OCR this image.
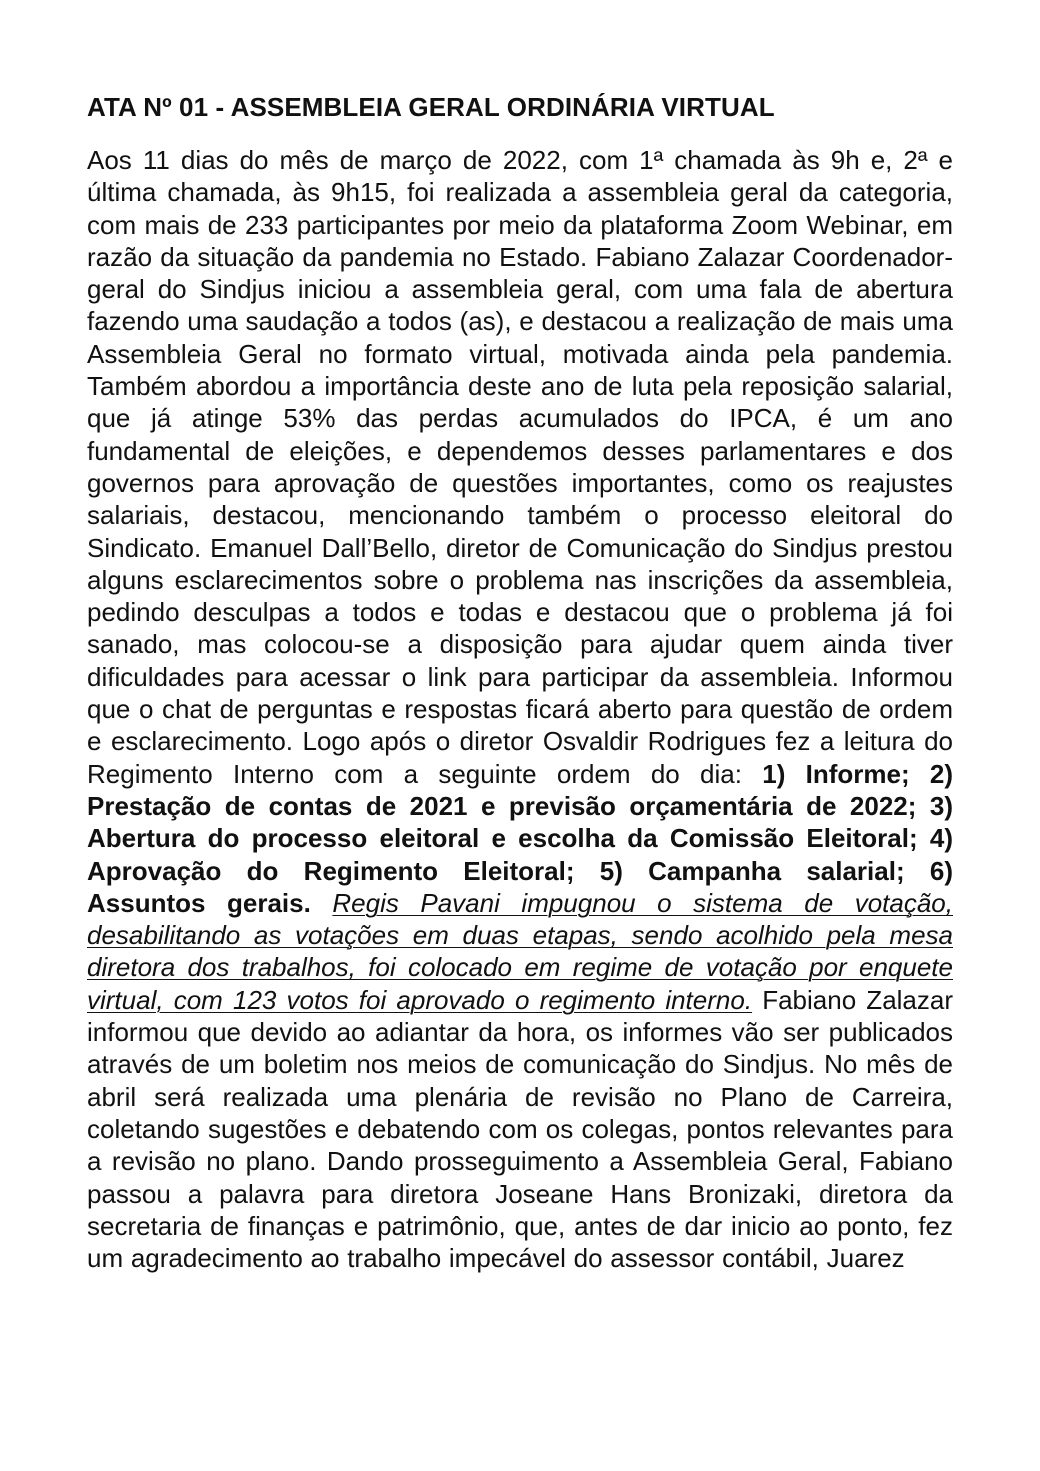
ATA Nº 01 - ASSEMBLEIA GERAL ORDINÁRIA VIRTUAL

Aos 11 dias do mês de março de 2022, com 1ª chamada às 9h e, 2ª e última chamada, às 9h15, foi realizada a assembleia geral da categoria, com mais de 233 participantes por meio da plataforma Zoom Webinar, em razão da situação da pandemia no Estado. Fabiano Zalazar Coordenador-geral do Sindjus iniciou a assembleia geral, com uma fala de abertura fazendo uma saudação a todos (as), e destacou a realização de mais uma Assembleia Geral no formato virtual, motivada ainda pela pandemia. Também abordou a importância deste ano de luta pela reposição salarial, que já atinge 53% das perdas acumulados do IPCA, é um ano fundamental de eleições, e dependemos desses parlamentares e dos governos para aprovação de questões importantes, como os reajustes salariais, destacou, mencionando também o processo eleitoral do Sindicato. Emanuel Dall’Bello, diretor de Comunicação do Sindjus prestou alguns esclarecimentos sobre o problema nas inscrições da assembleia, pedindo desculpas a todos e todas e destacou que o problema já foi sanado, mas colocou-se a disposição para ajudar quem ainda tiver dificuldades para acessar o link para participar da assembleia. Informou que o chat de perguntas e respostas ficará aberto para questão de ordem e esclarecimento. Logo após o diretor Osvaldir Rodrigues fez a leitura do Regimento Interno com a seguinte ordem do dia: 1) Informe; 2) Prestação de contas de 2021 e previsão orçamentária de 2022; 3) Abertura do processo eleitoral e escolha da Comissão Eleitoral; 4) Aprovação do Regimento Eleitoral; 5) Campanha salarial; 6) Assuntos gerais. Regis Pavani impugnou o sistema de votação, desabilitando as votações em duas etapas, sendo acolhido pela mesa diretora dos trabalhos, foi colocado em regime de votação por enquete virtual, com 123 votos foi aprovado o regimento interno. Fabiano Zalazar informou que devido ao adiantar da hora, os informes vão ser publicados através de um boletim nos meios de comunicação do Sindjus. No mês de abril será realizada uma plenária de revisão no Plano de Carreira, coletando sugestões e debatendo com os colegas, pontos relevantes para a revisão no plano. Dando prosseguimento a Assembleia Geral, Fabiano passou a palavra para diretora Joseane Hans Bronizaki, diretora da secretaria de finanças e patrimônio, que, antes de dar inicio ao ponto, fez um agradecimento ao trabalho impecável do assessor contábil, Juarez
